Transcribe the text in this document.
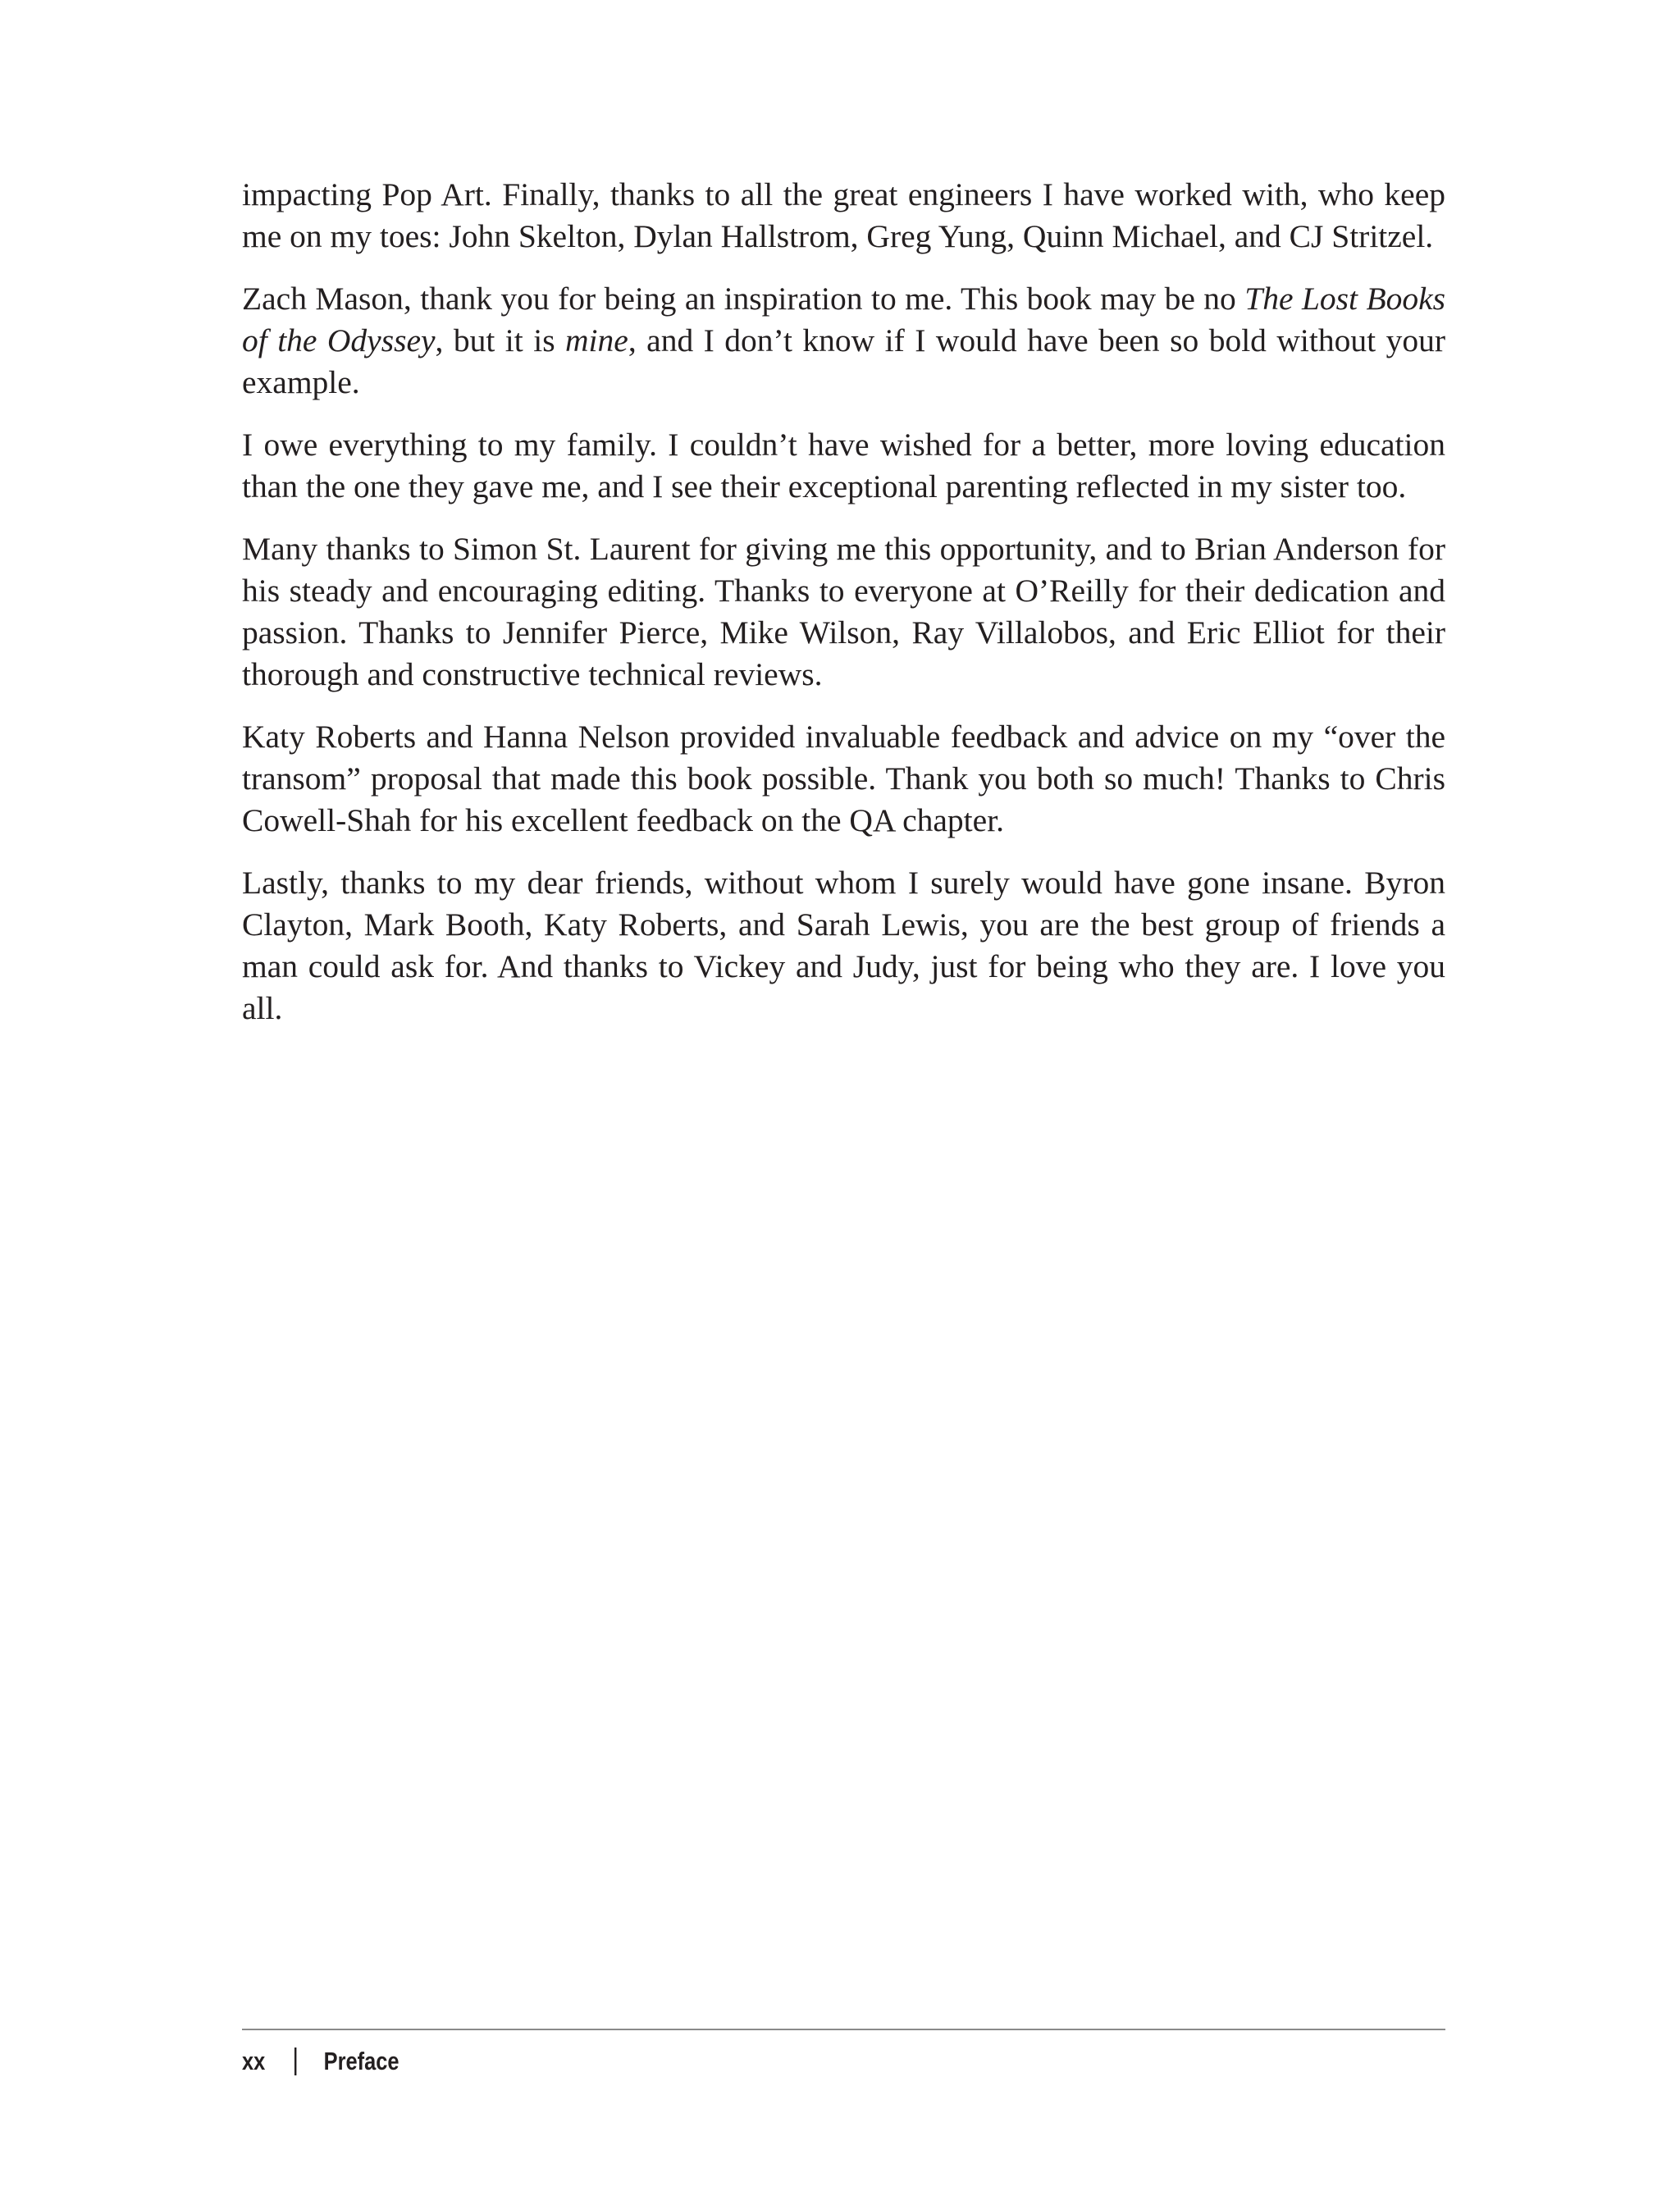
impacting Pop Art. Finally, thanks to all the great engineers I have worked with, who keep me on my toes: John Skelton, Dylan Hallstrom, Greg Yung, Quinn Michael, and CJ Stritzel.

Zach Mason, thank you for being an inspiration to me. This book may be no The Lost Books of the Odyssey, but it is mine, and I don’t know if I would have been so bold without your example.

I owe everything to my family. I couldn’t have wished for a better, more loving education than the one they gave me, and I see their exceptional parenting reflected in my sister too.

Many thanks to Simon St. Laurent for giving me this opportunity, and to Brian Anderson for his steady and encouraging editing. Thanks to everyone at O’Reilly for their dedication and passion. Thanks to Jennifer Pierce, Mike Wilson, Ray Villalobos, and Eric Elliot for their thorough and constructive technical reviews.

Katy Roberts and Hanna Nelson provided invaluable feedback and advice on my “over the transom” proposal that made this book possible. Thank you both so much! Thanks to Chris Cowell-Shah for his excellent feedback on the QA chapter.

Lastly, thanks to my dear friends, without whom I surely would have gone insane. Byron Clayton, Mark Booth, Katy Roberts, and Sarah Lewis, you are the best group of friends a man could ask for. And thanks to Vickey and Judy, just for being who they are. I love you all.

xx Preface
